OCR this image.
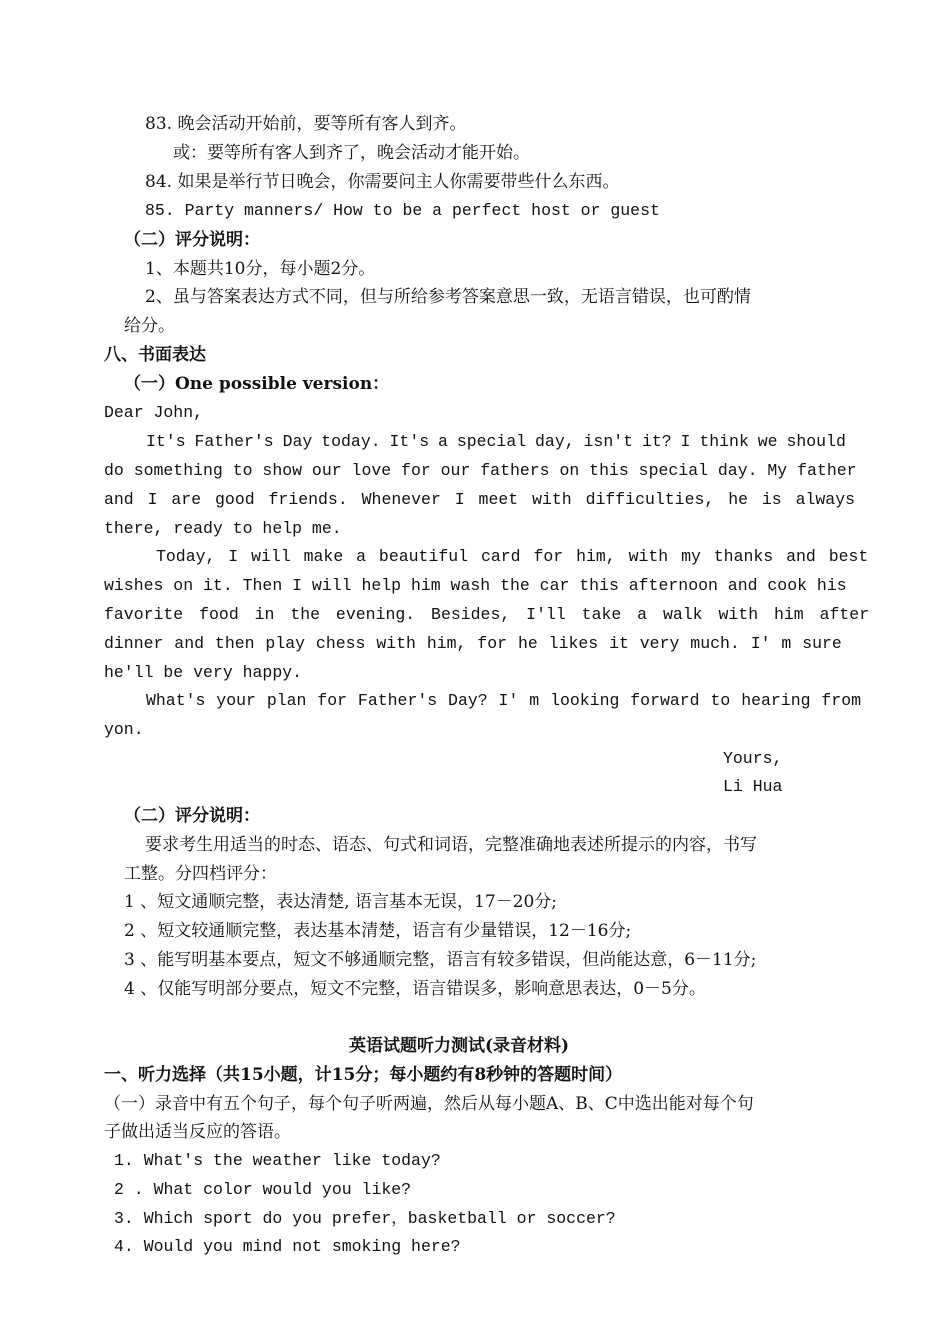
83. 晚会活动开始前，要等所有客人到齐。
或：要等所有客人到齐了，晚会活动才能开始。
84. 如果是举行节日晚会，你需要问主人你需要带些什么东西。
85. Party manners/ How to be a perfect host or guest
（二）评分说明：
1、本题共10分，每小题2分。
2、虽与答案表达方式不同，但与所给参考答案意思一致，无语言错误，也可酌情
给分。
八、书面表达
（一）One possible version：
Dear John,
It's Father's Day today. It's a special day, isn't it? I think we should
do something to show our love for our fathers on this special day. My father
and I are good friends. Whenever I meet with difficulties, he is always
there, ready to help me.
Today, I will make a beautiful card for him, with my thanks and best
wishes on it. Then I will help him wash the car this afternoon and cook his
favorite food in the evening. Besides, I'll take a walk with him after
dinner and then play chess with him, for he likes it very much. I' m sure
he'll be very happy.
What's your plan for Father's Day? I' m looking forward to hearing from
yon.
Yours,
Li Hua
（二）评分说明：
要求考生用适当的时态、语态、句式和词语，完整准确地表述所提示的内容，书写
工整。分四档评分：
1 、短文通顺完整，表达清楚, 语言基本无误，17－20分;
2 、短文较通顺完整，表达基本清楚，语言有少量错误，12－16分;
3 、能写明基本要点，短文不够通顺完整，语言有较多错误，但尚能达意，6－11分;
4 、仅能写明部分要点，短文不完整，语言错误多，影响意思表达，0－5分。
英语试题听力测试(录音材料)
一、听力选择（共15小题，计15分；每小题约有8秒钟的答题时间）
（一）录音中有五个句子，每个句子听两遍，然后从每小题A、B、C中选出能对每个句
子做出适当反应的答语。
1. What's the weather like today?
2 . What color would you like?
3. Which sport do you prefer，basketball or soccer?
4. Would you mind not smoking here?
